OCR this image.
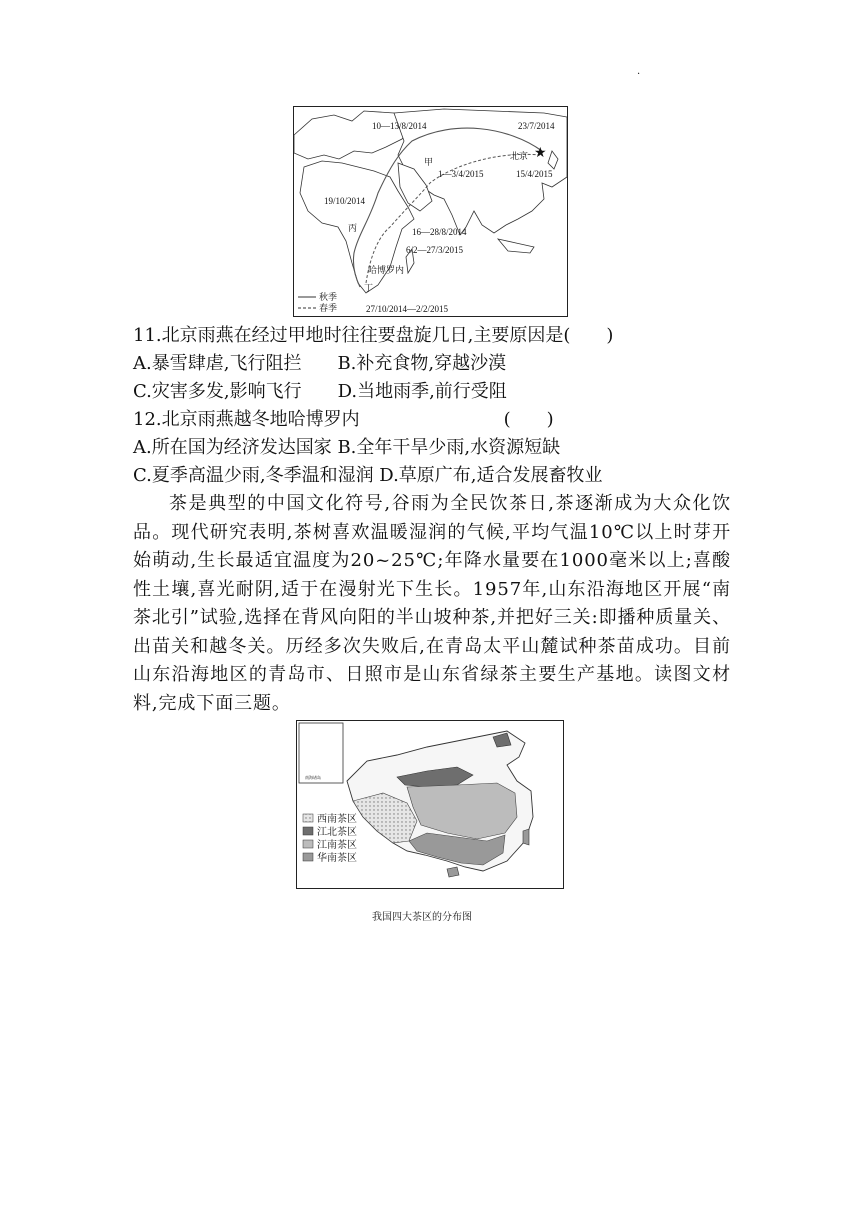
.
★
10—13/8/2014	23/7/2014
北京
甲
1—3/4/2015	15/4/2015
19/10/2014
丙	16—28/8/2014
6/2—27/3/2015
哈博罗内
丁
27/10/2014—2/2/2015
秋季
春季
11.北京雨燕在经过甲地时往往要盘旋几日,主要原因是(　　)
A.暴雪肆虐,飞行阻拦　　B.补充食物,穿越沙漠
C.灾害多发,影响飞行　　D.当地雨季,前行受阻
12.北京雨燕越冬地哈博罗内　　　　　　　　(　　)
A.所在国为经济发达国家 B.全年干旱少雨,水资源短缺
C.夏季高温少雨,冬季温和湿润 D.草原广布,适合发展畜牧业

茶是典型的中国文化符号,谷雨为全民饮茶日,茶逐渐成为大众化饮品。现代研究表明,茶树喜欢温暖湿润的气候,平均气温10℃以上时芽开始萌动,生长最适宜温度为20~25℃;年降水量要在1000毫米以上;喜酸性土壤,喜光耐阴,适于在漫射光下生长。1957年,山东沿海地区开展“南茶北引”试验,选择在背风向阳的半山坡种茶,并把好三关:即播种质量关、出苗关和越冬关。历经多次失败后,在青岛太平山麓试种茶苗成功。目前山东沿海地区的青岛市、日照市是山东省绿茶主要生产基地。读图文材料,完成下面三题。

南海诸岛
西南茶区
江北茶区
江南茶区
华南茶区
我国四大茶区的分布图
